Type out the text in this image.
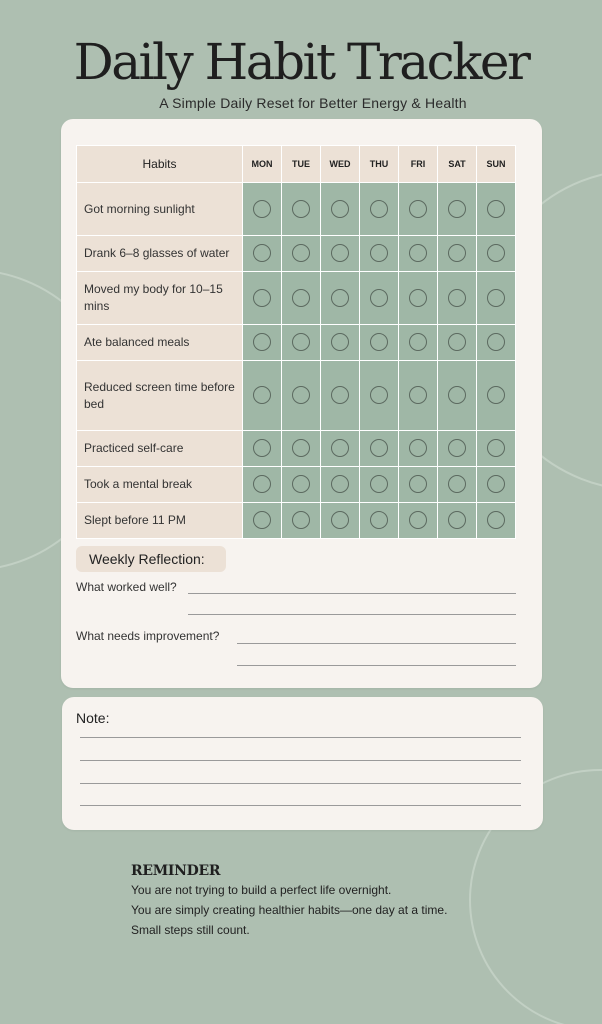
Daily Habit Tracker
A Simple Daily Reset for Better Energy & Health
Habits	MON	TUE	WED	THU	FRI	SAT	SUN
Got morning sunlight							
Drank 6–8 glasses of water							
Moved my body for 10–15 mins							
Ate balanced meals							
Reduced screen time before bed							
Practiced self-care							
Took a mental break							
Slept before 11 PM							
Weekly Reflection:
What worked well?
What needs improvement?
Note:
REMINDER
You are not trying to build a perfect life overnight.
You are simply creating healthier habits—one day at a time.
Small steps still count.
